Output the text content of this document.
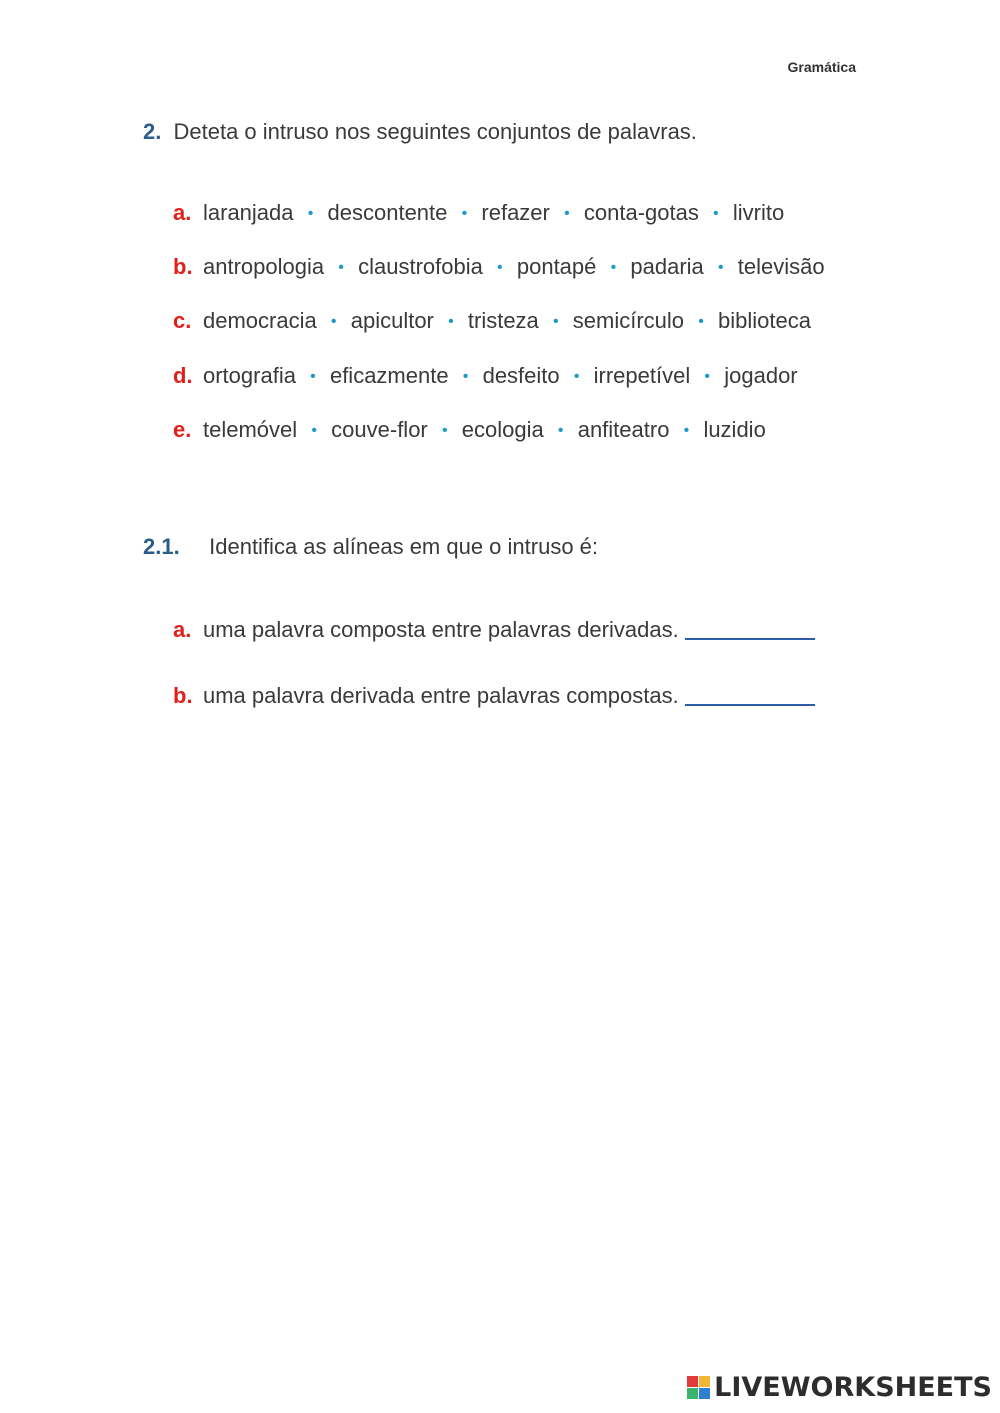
Gramática
2. Deteta o intruso nos seguintes conjuntos de palavras.
a. laranjada • descontente • refazer • conta-gotas • livrito
b. antropologia • claustrofobia • pontapé • padaria • televisão
c. democracia • apicultor • tristeza • semicírculo • biblioteca
d. ortografia • eficazmente • desfeito • irrepetível • jogador
e. telemóvel • couve-flor • ecologia • anfiteatro • luzidio
2.1. Identifica as alíneas em que o intruso é:
a. uma palavra composta entre palavras derivadas.
b. uma palavra derivada entre palavras compostas.
LIVEWORKSHEETS
